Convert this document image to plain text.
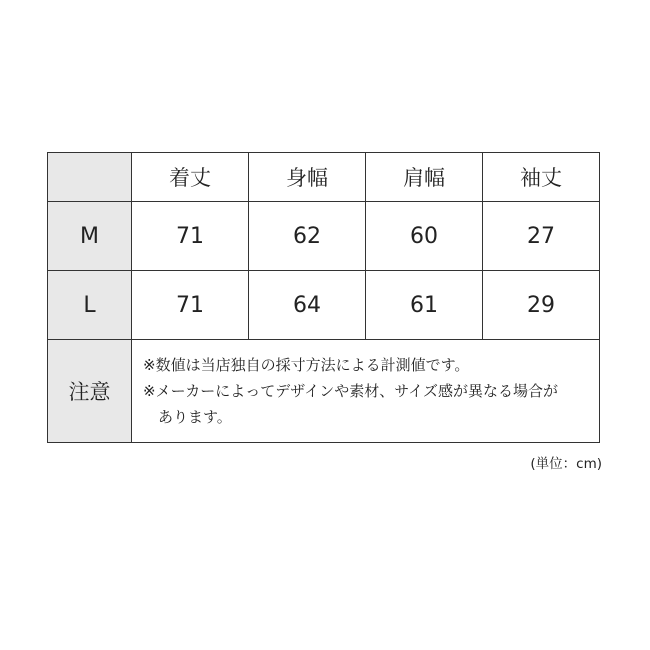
	着丈	身幅	肩幅	袖丈
M	71	62	60	27
L	71	64	61	29
注意	※数値は当店独自の採寸方法による計測値です。
※メーカーによってデザインや素材、サイズ感が異なる場合が
あります。			
(単位：cm)
